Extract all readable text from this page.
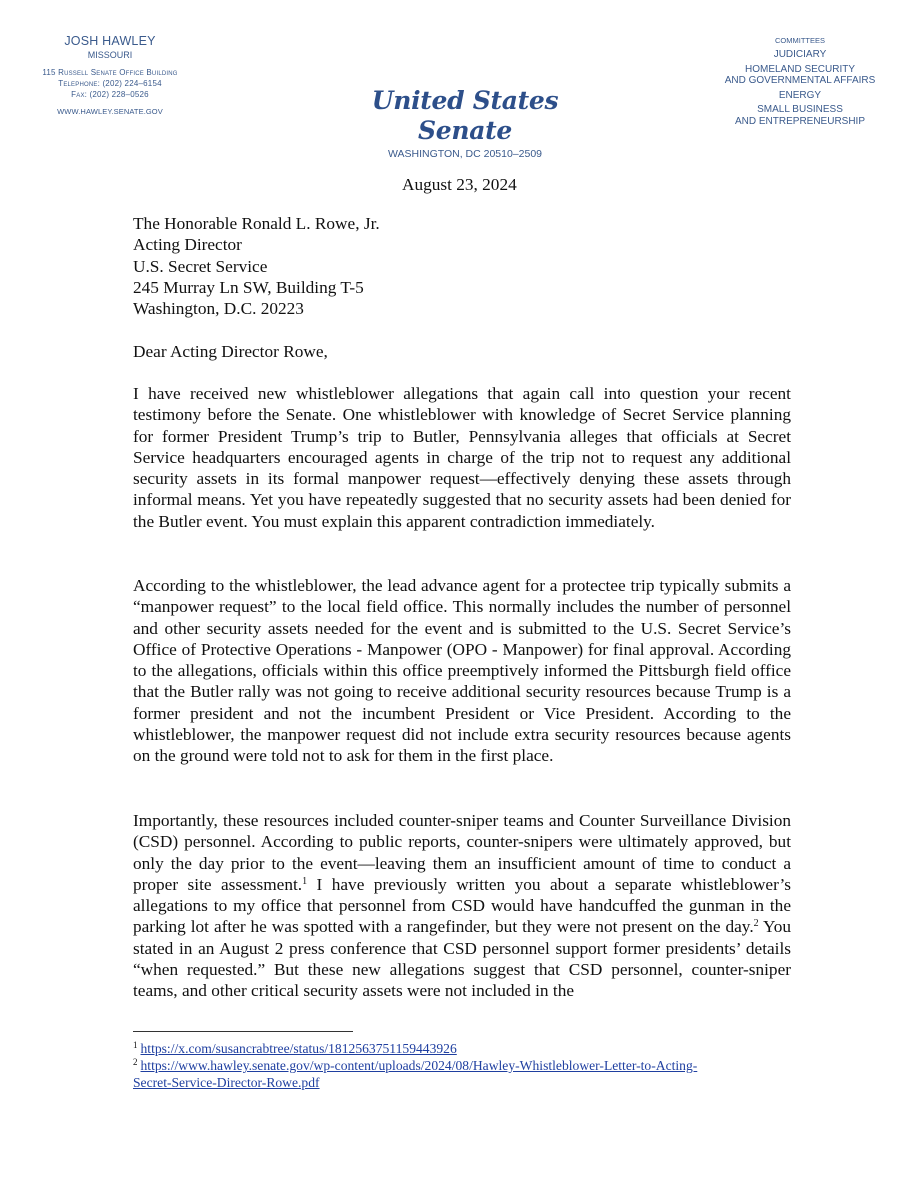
JOSH HAWLEY
MISSOURI
115 Russell Senate Office Building
Telephone: (202) 224–6154
Fax: (202) 228–0526
WWW.HAWLEY.SENATE.GOV	United States Senate
WASHINGTON, DC 20510–2509
COMMITTEES
JUDICIARY
HOMELAND SECURITY
AND GOVERNMENTAL AFFAIRS
ENERGY
SMALL BUSINESS
AND ENTREPRENEURSHIP
August 23, 2024
The Honorable Ronald L. Rowe, Jr.
Acting Director
U.S. Secret Service
245 Murray Ln SW, Building T-5
Washington, D.C. 20223
Dear Acting Director Rowe,
I have received new whistleblower allegations that again call into question your recent testimony before the Senate. One whistleblower with knowledge of Secret Service planning for former President Trump’s trip to Butler, Pennsylvania alleges that officials at Secret Service headquarters encouraged agents in charge of the trip not to request any additional security assets in its formal manpower request—effectively denying these assets through informal means. Yet you have repeatedly suggested that no security assets had been denied for the Butler event. You must explain this apparent contradiction immediately.
According to the whistleblower, the lead advance agent for a protectee trip typically submits a “manpower request” to the local field office. This normally includes the number of personnel and other security assets needed for the event and is submitted to the U.S. Secret Service’s Office of Protective Operations - Manpower (OPO - Manpower) for final approval. According to the allegations, officials within this office preemptively informed the Pittsburgh field office that the Butler rally was not going to receive additional security resources because Trump is a former president and not the incumbent President or Vice President. According to the whistleblower, the manpower request did not include extra security resources because agents on the ground were told not to ask for them in the first place.
Importantly, these resources included counter-sniper teams and Counter Surveillance Division (CSD) personnel. According to public reports, counter-snipers were ultimately approved, but only the day prior to the event—leaving them an insufficient amount of time to conduct a proper site assessment.$^1$ I have previously written you about a separate whistleblower’s allegations to my office that personnel from CSD would have handcuffed the gunman in the parking lot after he was spotted with a rangefinder, but they were not present on the day.$^2$ You stated in an August 2 press conference that CSD personnel support former presidents’ details “when requested.” But these new allegations suggest that CSD personnel, counter-sniper teams, and other critical security assets were not included in the
$^1$ https://x.com/susancrabtree/status/1812563751159443926
$^2$ https://www.hawley.senate.gov/wp-content/uploads/2024/08/Hawley-Whistleblower-Letter-to-Acting-
Secret-Service-Director-Rowe.pdf
